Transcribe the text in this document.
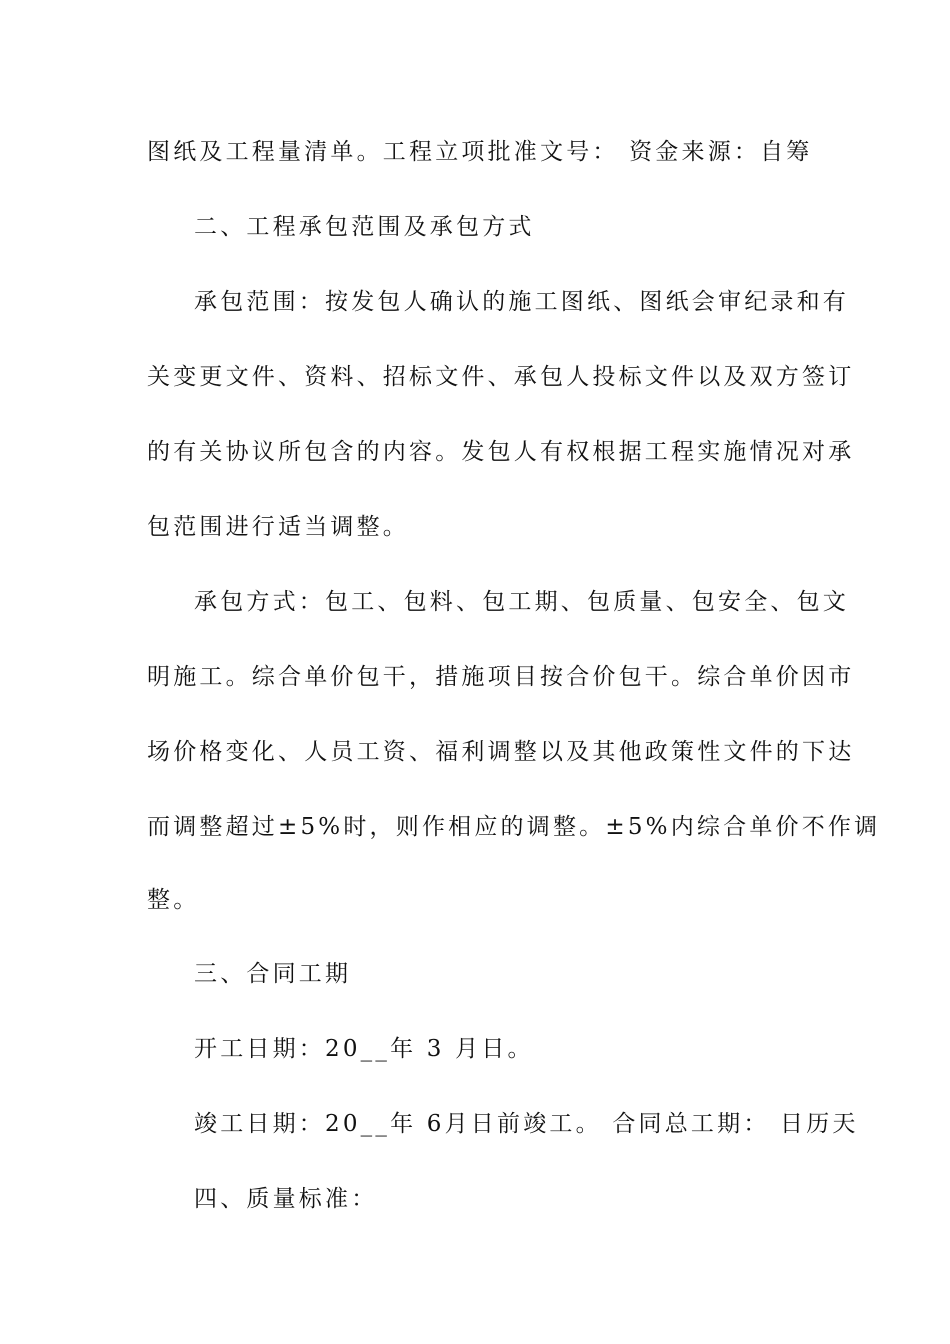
图纸及工程量清单。工程立项批准文号： 资金来源：自筹
二、工程承包范围及承包方式
承包范围：按发包人确认的施工图纸、图纸会审纪录和有
关变更文件、资料、招标文件、承包人投标文件以及双方签订
的有关协议所包含的内容。发包人有权根据工程实施情况对承
包范围进行适当调整。
承包方式：包工、包料、包工期、包质量、包安全、包文
明施工。综合单价包干，措施项目按合价包干。综合单价因市
场价格变化、人员工资、福利调整以及其他政策性文件的下达
而调整超过±5%时，则作相应的调整。±5%内综合单价不作调
整。
三、合同工期
开工日期：20__年 3 月日。
竣工日期：20__年 6月日前竣工。 合同总工期： 日历天
四、质量标准：
